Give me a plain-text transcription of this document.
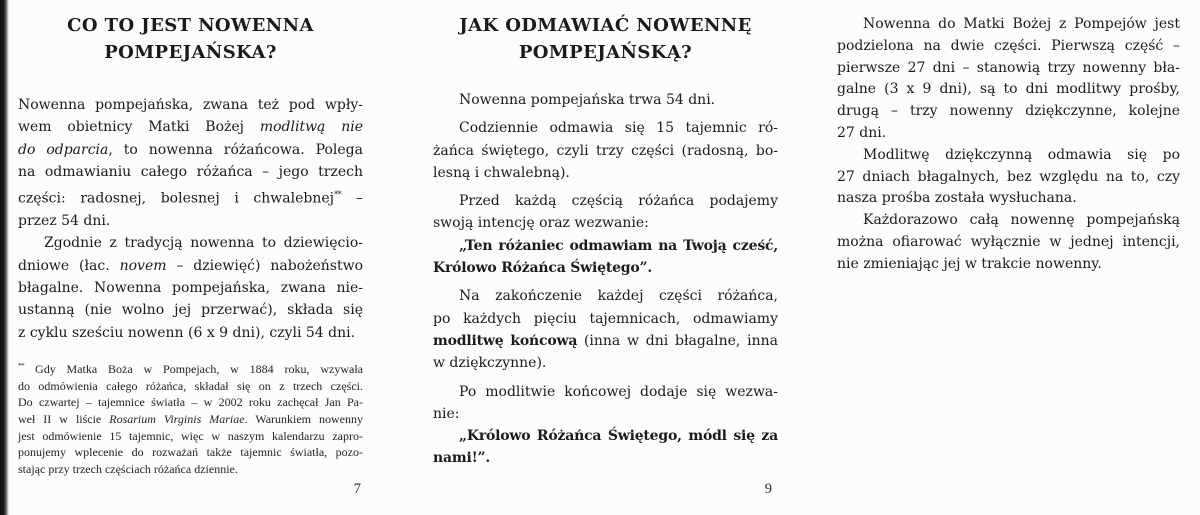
CO TO JEST NOWENNA
POMPEJAŃSKA?
Nowenna pompejańska, zwana też pod wpły-
wem obietnicy Matki Bożej modlitwą nie
do odparcia, to nowenna różańcowa. Polega
na odmawianiu całego różańca – jego trzech
części: radosnej, bolesnej i chwalebnej** –
przez 54 dni.
Zgodnie z tradycją nowenna to dziewięcio-
dniowe (łac. novem – dziewięć) nabożeństwo
błagalne. Nowenna pompejańska, zwana nie-
ustanną (nie wolno jej przerwać), składa się
z cyklu sześciu nowenn (6 x 9 dni), czyli 54 dni.
** Gdy Matka Boża w Pompejach, w 1884 roku, wzywała
do odmówienia całego różańca, składał się on z trzech części.
Do czwartej – tajemnice światła – w 2002 roku zachęcał Jan Pa-
weł II w liście Rosarium Virginis Mariae. Warunkiem nowenny
jest odmówienie 15 tajemnic, więc w naszym kalendarzu zapro-
ponujemy wplecenie do rozważań także tajemnic światła, pozo-
stając przy trzech częściach różańca dziennie.
7
JAK ODMAWIAĆ NOWENNĘ
POMPEJAŃSKĄ?
Nowenna pompejańska trwa 54 dni.
Codziennie odmawia się 15 tajemnic ró-
żańca świętego, czyli trzy części (radosną, bo-
lesną i chwalebną).
Przed każdą częścią różańca podajemy
swoją intencję oraz wezwanie:
„Ten różaniec odmawiam na Twoją cześć,
Królowo Różańca Świętego”.
Na zakończenie każdej części różańca,
po każdych pięciu tajemnicach, odmawiamy
modlitwę końcową (inna w dni błagalne, inna
w dziękczynne).
Po modlitwie końcowej dodaje się wezwa-
nie:
„Królowo Różańca Świętego, módl się za
nami!”.
9
Nowenna do Matki Bożej z Pompejów jest
podzielona na dwie części. Pierwszą część –
pierwsze 27 dni – stanowią trzy nowenny bła-
galne (3 x 9 dni), są to dni modlitwy prośby,
drugą – trzy nowenny dziękczynne, kolejne
27 dni.
Modlitwę dziękczynną odmawia się po
27 dniach błagalnych, bez względu na to, czy
nasza prośba została wysłuchana.
Każdorazowo całą nowennę pompejańską
można ofiarować wyłącznie w jednej intencji,
nie zmieniając jej w trakcie nowenny.
